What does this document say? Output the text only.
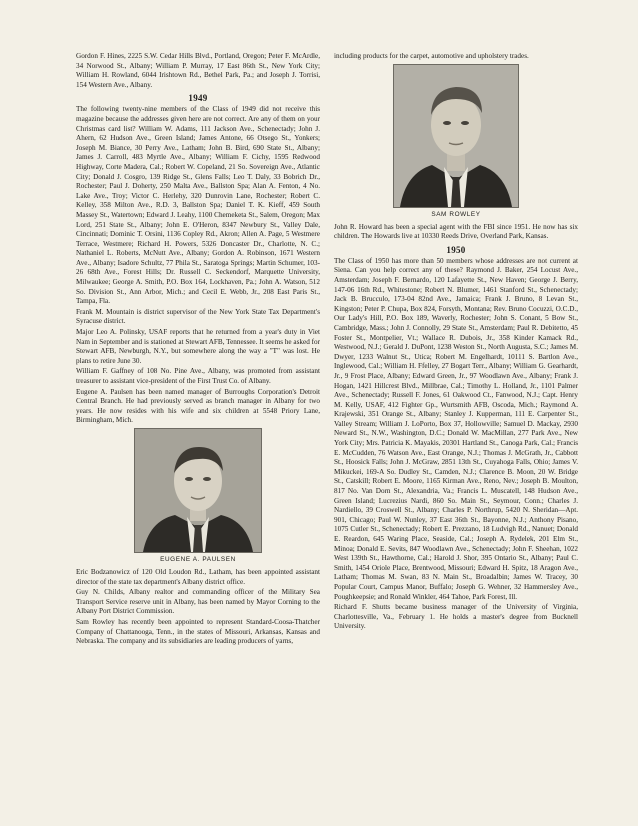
Gordon F. Hines, 2225 S.W. Cedar Hills Blvd., Portland, Oregon; Peter F. McArdle, 34 Norwood St., Albany; William P. Murray, 17 East 86th St., New York City; William H. Rowland, 6044 Irishtown Rd., Bethel Park, Pa.; and Joseph J. Torrisi, 154 Western Ave., Albany.

1949

The following twenty-nine members of the Class of 1949 did not receive this magazine because the addresses given here are not correct. Are any of them on your Christmas card list? William W. Adams, 111 Jackson Ave., Schenectady; John J. Ahern, 62 Hudson Ave., Green Island; James Antone, 66 Otsego St., Yonkers; Joseph M. Biance, 30 Perry Ave., Latham; John B. Bird, 690 State St., Albany; James J. Carroll, 483 Myrtle Ave., Albany; William F. Cichy, 1595 Redwood Highway, Corte Madera, Cal.; Robert W. Copeland, 21 So. Sovereign Ave., Atlantic City; Donald J. Cosgro, 139 Ridge St., Glens Falls; Leo T. Daly, 33 Bobrich Dr., Rochester; Paul J. Doherty, 250 Malta Ave., Ballston Spa; Alan A. Fenton, 4 No. Lake Ave., Troy; Victor C. Herlehy, 320 Dunrovin Lane, Rochester; Robert C. Kelley, 358 Milton Ave., R.D. 3, Ballston Spa; Daniel T. K. Kieff, 459 South Massey St., Watertown; Edward J. Leahy, 1100 Chemeketa St., Salem, Oregon; Max Lord, 251 State St., Albany; John E. O'Heron, 8347 Newbury St., Valley Dale, Cincinnati; Dominic T. Orsini, 1136 Copley Rd., Akron; Allen A. Page, 5 Westmere Terrace, Westmere; Richard H. Powers, 5326 Doncaster Dr., Charlotte, N. C.; Nathaniel L. Roberts, McNutt Ave., Albany; Gordon A. Robinson, 1671 Western Ave., Albany; Isadore Schultz, 77 Phila St., Saratoga Springs; Martin Schumer, 103-26 68th Ave., Forest Hills; Dr. Russell C. Seckendorf, Marquette University, Milwaukee; George A. Smith, P.O. Box 164, Lockhaven, Pa.; John A. Watson, 512 So. Division St., Ann Arbor, Mich.; and Cecil E. Webb, Jr., 208 East Paris St., Tampa, Fla.

Frank M. Mountain is district supervisor of the New York State Tax Department's Syracuse district.

Major Leo A. Polinsky, USAF reports that he returned from a year's duty in Viet Nam in September and is stationed at Stewart AFB, Tennessee. It seems he asked for Stewart AFB, Newburgh, N.Y., but somewhere along the way a "T" was lost. He plans to retire June 30.

William F. Gaffney of 108 No. Pine Ave., Albany, was promoted from assistant treasurer to assistant vice-president of the First Trust Co. of Albany.

Eugene A. Paulsen has been named manager of Burroughs Corporation's Detroit Central Branch. He had previously served as branch manager in Albany for two years. He now resides with his wife and six children at 5548 Priory Lane, Birmingham, Mich.

EUGENE A. PAULSEN

Eric Bodzanowicz of 120 Old Loudon Rd., Latham, has been appointed assistant director of the state tax department's Albany district office.

Guy N. Childs, Albany realtor and commanding officer of the Military Sea Transport Service reserve unit in Albany, has been named by Mayor Corning to the Albany Port District Commission.

Sam Rowley has recently been appointed to represent Standard-Coosa-Thatcher Company of Chattanooga, Tenn., in the states of Missouri, Arkansas, Kansas and Nebraska. The company and its subsidiaries are leading producers of yarns,

including products for the carpet, automotive and upholstery trades.

SAM ROWLEY

John R. Howard has been a special agent with the FBI since 1951. He now has six children. The Howards live at 10330 Reeds Drive, Overland Park, Kansas.

1950

The Class of 1950 has more than 50 members whose addresses are not current at Siena. Can you help correct any of these? Raymond J. Baker, 254 Locust Ave., Amsterdam; Joseph F. Bernardo, 120 Lafayette St., New Haven; George J. Berry, 147-06 16th Rd., Whitestone; Robert N. Blumer, 1461 Stanford St., Schenectady; Jack B. Brucculo, 173-04 82nd Ave., Jamaica; Frank J. Bruno, 8 Levan St., Kingston; Peter P. Chupa, Box 824, Forsyth, Montana; Rev. Bruno Cocuzzi, O.C.D., Our Lady's Hill, P.O. Box 189, Waverly, Rochester; John S. Conant, 5 Bow St., Cambridge, Mass.; John J. Connolly, 29 State St., Amsterdam; Paul R. Debitetto, 45 Foster St., Montpelier, Vt.; Wallace R. Dubois, Jr., 358 Kinder Kamack Rd., Westwood, N.J.; Gerald J. DuPont, 1238 Weston St., North Augusta, S.C.; James M. Dwyer, 1233 Walnut St., Utica; Robert M. Engelhardt, 10111 S. Bartlon Ave., Inglewood, Cal.; William H. Ffelley, 27 Bogart Terr., Albany; William G. Gearhardt, Jr., 9 Frost Place, Albany; Edward Green, Jr., 97 Woodlawn Ave., Albany; Frank J. Hogan, 1421 Hillcrest Blvd., Millbrae, Cal.; Timothy L. Holland, Jr., 1101 Palmer Ave., Schenectady; Russell F. Jones, 61 Oakwood Ct., Fanwood, N.J.; Capt. Henry M. Kelly, USAF, 412 Fighter Gp., Wurtsmith AFB, Oscoda, Mich.; Raymond A. Krajewski, 351 Orange St., Albany; Stanley J. Kupperman, 111 E. Carpenter St., Valley Stream; William J. LoPorto, Box 37, Hollowville; Samuel D. Mackay, 2930 Neward St., N.W., Washington, D.C.; Donald W. MacMillan, 277 Park Ave., New York City; Mrs. Patricia K. Mayakis, 20301 Hartland St., Canoga Park, Cal.; Francis E. McCudden, 76 Watson Ave., East Orange, N.J.; Thomas J. McGrath, Jr., Cabbott St., Hoosick Falls; John J. McGraw, 2851 13th St., Cuyahoga Falls, Ohio; James V. Mikuckei, 169-A So. Dudley St., Camden, N.J.; Clarence B. Moon, 20 W. Bridge St., Catskill; Robert E. Moore, 1165 Kirman Ave., Reno, Nev.; Joseph B. Moulton, 817 No. Van Dorn St., Alexandria, Va.; Francis L. Muscatell, 148 Hudson Ave., Green Island; Lucrezius Nardi, 860 So. Main St., Seymour, Conn.; Charles J. Nardiello, 39 Croswell St., Albany; Charles P. Northrup, 5420 N. Sheridan—Apt. 901, Chicago; Paul W. Nunley, 37 East 36th St., Bayonne, N.J.; Anthony Pisano, 1075 Cutler St., Schenectady; Robert E. Prezzano, 18 Ludvigh Rd., Nanuet; Donald E. Reardon, 645 Waring Place, Seaside, Cal.; Joseph A. Rydelek, 201 Elm St., Minoa; Donald E. Sevits, 847 Woodlawn Ave., Schenectady; John F. Sheehan, 1022 West 139th St., Hawthorne, Cal.; Harold J. Shor, 395 Ontario St., Albany; Paul C. Smith, 1454 Oriole Place, Brentwood, Missouri; Edward H. Spitz, 18 Aragon Ave., Latham; Thomas M. Swan, 83 N. Main St., Broadalbin; James W. Tracey, 30 Popular Court, Campus Manor, Buffalo; Joseph G. Wehner, 32 Hammersley Ave., Poughkeepsie; and Ronald Winkler, 464 Tahoe, Park Forest, Ill.

Richard F. Shutts became business manager of the University of Virginia, Charlottesville, Va., February 1. He holds a master's degree from Bucknell University.
